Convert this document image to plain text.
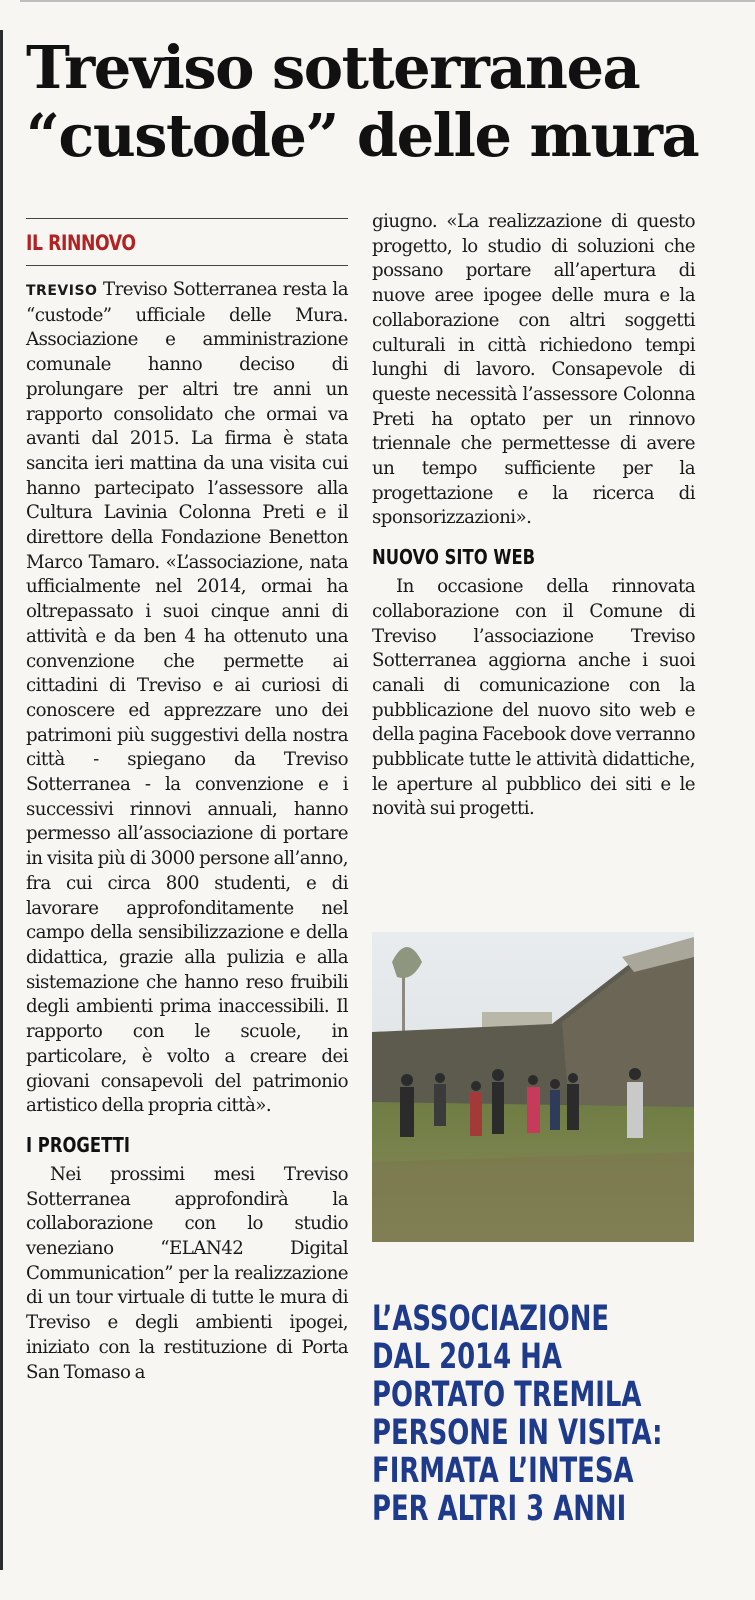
Treviso sotterranea
“custode” delle mura
IL RINNOVO

TREVISO Treviso Sotterranea resta la “custode” ufficiale delle Mura. Associazione e amministrazione comunale hanno deciso di prolungare per altri tre anni un rapporto consolidato che ormai va avanti dal 2015. La firma è stata sancita ieri mattina da una visita cui hanno partecipato l’assessore alla Cultura Lavinia Colonna Preti e il direttore della Fondazione Benetton Marco Tamaro. «L’associazione, nata ufficialmente nel 2014, ormai ha oltrepassato i suoi cinque anni di attività e da ben 4 ha ottenuto una convenzione che permette ai cittadini di Treviso e ai curiosi di conoscere ed apprezzare uno dei patrimoni più suggestivi della nostra città - spiegano da Treviso Sotterranea - la convenzione e i successivi rinnovi annuali, hanno permesso all’associazione di portare in visita più di 3000 persone all’anno, fra cui circa 800 studenti, e di lavorare approfonditamente nel campo della sensibilizzazione e della didattica, grazie alla pulizia e alla sistemazione che hanno reso fruibili degli ambienti prima inaccessibili. Il rapporto con le scuole, in particolare, è volto a creare dei giovani consapevoli del patrimonio artistico della propria città».

I PROGETTI

Nei prossimi mesi Treviso Sotterranea approfondirà la collaborazione con lo studio veneziano “ELAN42 Digital Communication” per la realizzazione di un tour virtuale di tutte le mura di Treviso e degli ambienti ipogei, iniziato con la restituzione di Porta San Tomaso a

giugno. «La realizzazione di questo progetto, lo studio di soluzioni che possano portare all’apertura di nuove aree ipogee delle mura e la collaborazione con altri soggetti culturali in città richiedono tempi lunghi di lavoro. Consapevole di queste necessità l’assessore Colonna Preti ha optato per un rinnovo triennale che permettesse di avere un tempo sufficiente per la progettazione e la ricerca di sponsorizzazioni».

NUOVO SITO WEB

In occasione della rinnovata collaborazione con il Comune di Treviso l’associazione Treviso Sotterranea aggiorna anche i suoi canali di comunicazione con la pubblicazione del nuovo sito web e della pagina Facebook dove verranno pubblicate tutte le attività didattiche, le aperture al pubblico dei siti e le novità sui progetti.

L’ASSOCIAZIONE
DAL 2014 HA
PORTATO TREMILA
PERSONE IN VISITA:
FIRMATA L’INTESA
PER ALTRI 3 ANNI
